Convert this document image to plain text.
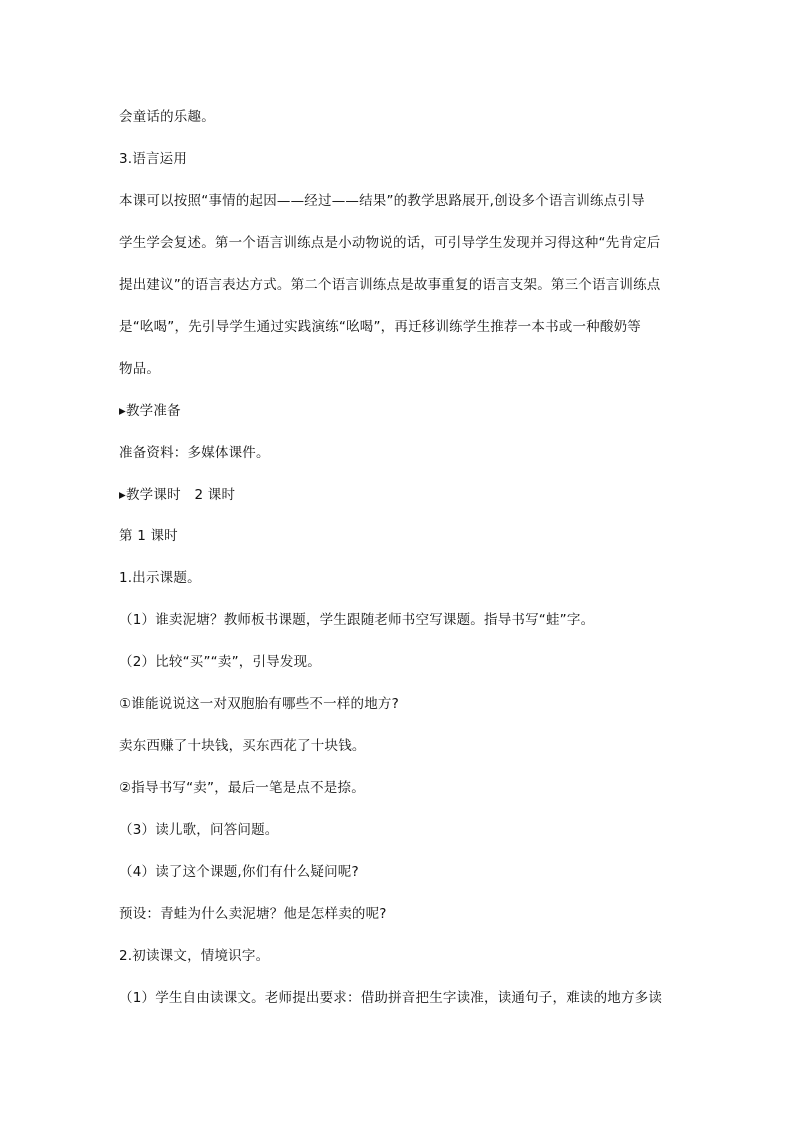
会童话的乐趣。
3.语言运用
本课可以按照“事情的起因——经过——结果”的教学思路展开,创设多个语言训练点引导
学生学会复述。第一个语言训练点是小动物说的话，可引导学生发现并习得这种“先肯定后
提出建议”的语言表达方式。第二个语言训练点是故事重复的语言支架。第三个语言训练点
是“吆喝”，先引导学生通过实践演练“吆喝”，再迁移训练学生推荐一本书或一种酸奶等
物品。
▸教学准备
准备资料：多媒体课件。
▸教学课时　2 课时
第 1 课时
1.出示课题。
（1）谁卖泥塘？教师板书课题，学生跟随老师书空写课题。指导书写“蛙”字。
（2）比较“买”“卖”，引导发现。
①谁能说说这一对双胞胎有哪些不一样的地方?
卖东西赚了十块钱，买东西花了十块钱。
②指导书写“卖”，最后一笔是点不是捺。
（3）读儿歌，问答问题。
（4）读了这个课题,你们有什么疑问呢?
预设：青蛙为什么卖泥塘？他是怎样卖的呢?
2.初读课文，情境识字。
（1）学生自由读课文。老师提出要求：借助拼音把生字读准，读通句子，难读的地方多读
